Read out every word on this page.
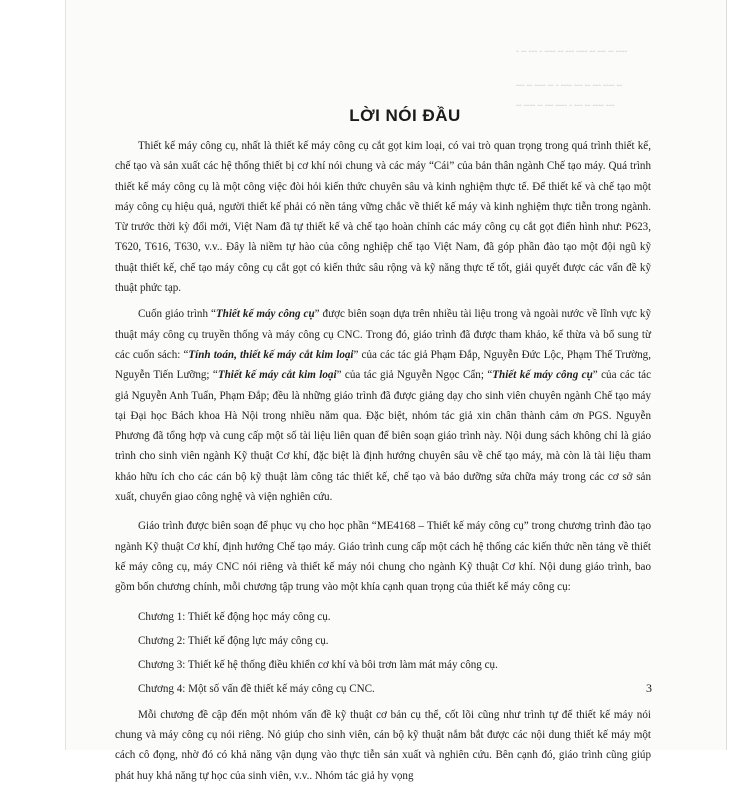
ꞈ ꞈꞈ ꞈꞈꞈ ꞈ ꞈꞈꞈꞈ ꞈꞈ ꞈꞈꞈ ꞈꞈꞈꞈ ꞈꞈ ꞈꞈꞈ ꞈꞈ ꞈꞈꞈꞈ
ꞈꞈꞈ ꞈꞈ ꞈꞈꞈꞈ ꞈꞈ ꞈ ꞈꞈꞈꞈ ꞈꞈꞈ ꞈꞈ ꞈꞈꞈ ꞈꞈꞈꞈ ꞈꞈ
ꞈꞈ ꞈꞈꞈꞈ ꞈꞈ ꞈꞈꞈ ꞈꞈꞈꞈ ꞈ ꞈꞈꞈ ꞈꞈ ꞈꞈꞈꞈ ꞈꞈꞈ
LỜI NÓI ĐẦU

Thiết kế máy công cụ, nhất là thiết kế máy công cụ cắt gọt kim loại, có vai trò quan trọng trong quá trình thiết kế, chế tạo và sản xuất các hệ thống thiết bị cơ khí nói chung và các máy “Cái” của bản thân ngành Chế tạo máy. Quá trình thiết kế máy công cụ là một công việc đòi hỏi kiến thức chuyên sâu và kinh nghiệm thực tế. Để thiết kế và chế tạo một máy công cụ hiệu quả, người thiết kế phải có nền tảng vững chắc về thiết kế máy và kinh nghiệm thực tiễn trong ngành. Từ trước thời kỳ đổi mới, Việt Nam đã tự thiết kế và chế tạo hoàn chỉnh các máy công cụ cắt gọt điển hình như: P623, T620, T616, T630, v.v.. Đây là niềm tự hào của công nghiệp chế tạo Việt Nam, đã góp phần đào tạo một đội ngũ kỹ thuật thiết kế, chế tạo máy công cụ cắt gọt có kiến thức sâu rộng và kỹ năng thực tế tốt, giải quyết được các vấn đề kỹ thuật phức tạp.

Cuốn giáo trình “Thiết kế máy công cụ” được biên soạn dựa trên nhiều tài liệu trong và ngoài nước về lĩnh vực kỹ thuật máy công cụ truyền thống và máy công cụ CNC. Trong đó, giáo trình đã được tham khảo, kế thừa và bổ sung từ các cuốn sách: “Tính toán, thiết kế máy cắt kim loại” của các tác giả Phạm Đắp, Nguyễn Đức Lộc, Phạm Thế Trường, Nguyễn Tiến Lưỡng; “Thiết kế máy cắt kim loại” của tác giả Nguyễn Ngọc Cẩn; “Thiết kế máy công cụ” của các tác giả Nguyễn Anh Tuấn, Phạm Đắp; đều là những giáo trình đã được giảng dạy cho sinh viên chuyên ngành Chế tạo máy tại Đại học Bách khoa Hà Nội trong nhiều năm qua. Đặc biệt, nhóm tác giả xin chân thành cảm ơn PGS. Nguyễn Phương đã tổng hợp và cung cấp một số tài liệu liên quan để biên soạn giáo trình này. Nội dung sách không chỉ là giáo trình cho sinh viên ngành Kỹ thuật Cơ khí, đặc biệt là định hướng chuyên sâu về chế tạo máy, mà còn là tài liệu tham khảo hữu ích cho các cán bộ kỹ thuật làm công tác thiết kế, chế tạo và bảo dưỡng sửa chữa máy trong các cơ sở sản xuất, chuyển giao công nghệ và viện nghiên cứu.

Giáo trình được biên soạn để phục vụ cho học phần “ME4168 – Thiết kế máy công cụ” trong chương trình đào tạo ngành Kỹ thuật Cơ khí, định hướng Chế tạo máy. Giáo trình cung cấp một cách hệ thống các kiến thức nền tảng về thiết kế máy công cụ, máy CNC nói riêng và thiết kế máy nói chung cho ngành Kỹ thuật Cơ khí. Nội dung giáo trình, bao gồm bốn chương chính, mỗi chương tập trung vào một khía cạnh quan trọng của thiết kế máy công cụ:

Chương 1: Thiết kế động học máy công cụ.
Chương 2: Thiết kế động lực máy công cụ.
Chương 3: Thiết kế hệ thống điều khiển cơ khí và bôi trơn làm mát máy công cụ.
Chương 4: Một số vấn đề thiết kế máy công cụ CNC.

Mỗi chương đề cập đến một nhóm vấn đề kỹ thuật cơ bản cụ thể, cốt lõi cũng như trình tự để thiết kế máy nói chung và máy công cụ nói riêng. Nó giúp cho sinh viên, cán bộ kỹ thuật nắm bắt được các nội dung thiết kế máy một cách cô đọng, nhờ đó có khả năng vận dụng vào thực tiễn sản xuất và nghiên cứu. Bên cạnh đó, giáo trình cũng giúp phát huy khả năng tự học của sinh viên, v.v.. Nhóm tác giả hy vọng

3
